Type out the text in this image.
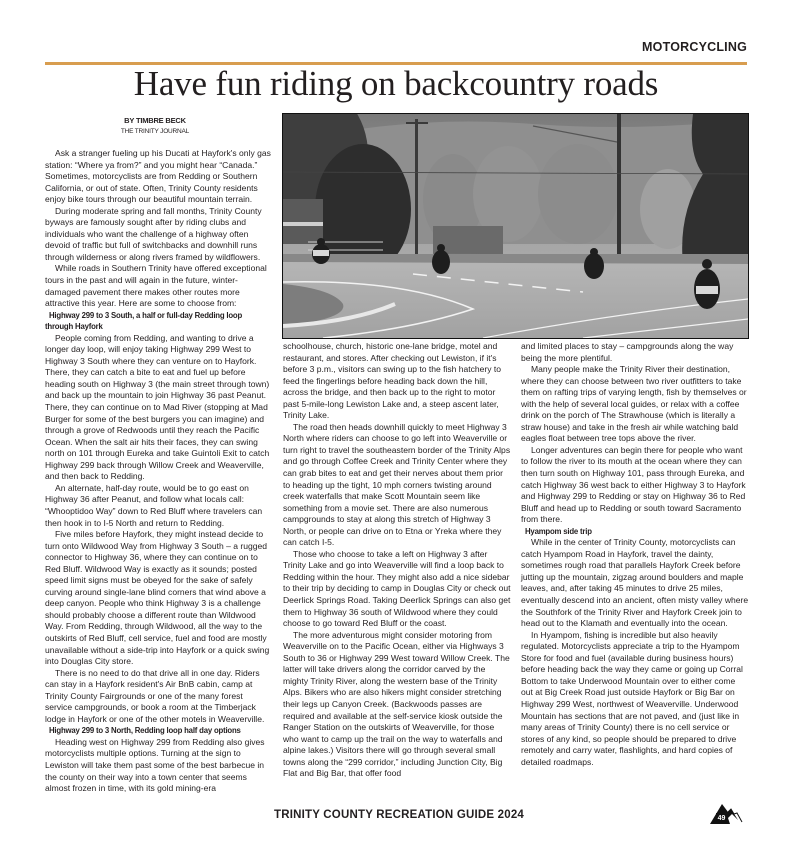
MOTORCYCLING
Have fun riding on backcountry roads
BY TIMBRE BECK
THE TRINITY JOURNAL

Ask a stranger fueling up his Ducati at Hayfork's only gas station: “Where ya from?” and you might hear “Canada.” Sometimes, motorcyclists are from Redding or Southern California, or out of state. Often, Trinity County residents enjoy bike tours through our beautiful mountain terrain.

During moderate spring and fall months, Trinity County byways are famously sought after by riding clubs and individuals who want the challenge of a highway often devoid of traffic but full of switchbacks and downhill runs through wilderness or along rivers framed by wildflowers.

While roads in Southern Trinity have offered exceptional tours in the past and will again in the future, winter-damaged pavement there makes other routes more attractive this year. Here are some to choose from:

Highway 299 to 3 South, a half or full-day Redding loop through Hayfork

People coming from Redding, and wanting to drive a longer day loop, will enjoy taking Highway 299 West to Highway 3 South where they can venture on to Hayfork. There, they can catch a bite to eat and fuel up before heading south on Highway 3 (the main street through town) and back up the mountain to join Highway 36 past Peanut. There, they can continue on to Mad River (stopping at Mad Burger for some of the best burgers you can imagine) and through a grove of Redwoods until they reach the Pacific Ocean. When the salt air hits their faces, they can swing north on 101 through Eureka and take Guintoli Exit to catch Highway 299 back through Willow Creek and Weaverville, and then back to Redding.

An alternate, half-day route, would be to go east on Highway 36 after Peanut, and follow what locals call: “Whooptidoo Way” down to Red Bluff where travelers can then hook in to I-5 North and return to Redding.

Five miles before Hayfork, they might instead decide to turn onto Wildwood Way from Highway 3 South – a rugged connector to Highway 36, where they can continue on to Red Bluff. Wildwood Way is exactly as it sounds; posted speed limit signs must be obeyed for the sake of safely curving around single-lane blind corners that wind above a deep canyon. People who think Highway 3 is a challenge should probably choose a different route than Wildwood Way. From Redding, through Wildwood, all the way to the outskirts of Red Bluff, cell service, fuel and food are mostly unavailable without a side-trip into Hayfork or a quick swing into Douglas City store.

There is no need to do that drive all in one day. Riders can stay in a Hayfork resident's Air BnB cabin, camp at Trinity County Fairgrounds or one of the many forest service campgrounds, or book a room at the Timberjack lodge in Hayfork or one of the other motels in Weaverville.

Highway 299 to 3 North, Redding loop half day options

Heading west on Highway 299 from Redding also gives motorcyclists multiple options. Turning at the sign to Lewiston will take them past some of the best barbecue in the county on their way into a town center that seems almost frozen in time, with its gold mining-era

schoolhouse, church, historic one-lane bridge, motel and restaurant, and stores. After checking out Lewiston, if it's before 3 p.m., visitors can swing up to the fish hatchery to feed the fingerlings before heading back down the hill, across the bridge, and then back up to the right to motor past 5-mile-long Lewiston Lake and, a steep ascent later, Trinity Lake.

The road then heads downhill quickly to meet Highway 3 North where riders can choose to go left into Weaverville or turn right to travel the southeastern border of the Trinity Alps and go through Coffee Creek and Trinity Center where they can grab bites to eat and get their nerves about them prior to heading up the tight, 10 mph corners twisting around creek waterfalls that make Scott Mountain seem like something from a movie set. There are also numerous campgrounds to stay at along this stretch of Highway 3 North, or people can drive on to Etna or Yreka where they can catch I-5.

Those who choose to take a left on Highway 3 after Trinity Lake and go into Weaverville will find a loop back to Redding within the hour. They might also add a nice sidebar to their trip by deciding to camp in Douglas City or check out Deerlick Springs Road. Taking Deerlick Springs can also get them to Highway 36 south of Wildwood where they could choose to go toward Red Bluff or the coast.

The more adventurous might consider motoring from Weaverville on to the Pacific Ocean, either via Highways 3 South to 36 or Highway 299 West toward Willow Creek. The latter will take drivers along the corridor carved by the mighty Trinity River, along the western base of the Trinity Alps. Bikers who are also hikers might consider stretching their legs up Canyon Creek. (Backwoods passes are required and available at the self-service kiosk outside the Ranger Station on the outskirts of Weaverville, for those who want to camp up the trail on the way to waterfalls and alpine lakes.) Visitors there will go through several small towns along the “299 corridor,” including Junction City, Big Flat and Big Bar, that offer food

and limited places to stay – campgrounds along the way being the more plentiful.

Many people make the Trinity River their destination, where they can choose between two river outfitters to take them on rafting trips of varying length, fish by themselves or with the help of several local guides, or relax with a coffee drink on the porch of The Strawhouse (which is literally a straw house) and take in the fresh air while watching bald eagles float between tree tops above the river.

Longer adventures can begin there for people who want to follow the river to its mouth at the ocean where they can then turn south on Highway 101, pass through Eureka, and catch Highway 36 west back to either Highway 3 to Hayfork and Highway 299 to Redding or stay on Highway 36 to Red Bluff and head up to Redding or south toward Sacramento from there.

Hyampom side trip

While in the center of Trinity County, motorcyclists can catch Hyampom Road in Hayfork, travel the dainty, sometimes rough road that parallels Hayfork Creek before jutting up the mountain, zigzag around boulders and maple leaves, and, after taking 45 minutes to drive 25 miles, eventually descend into an ancient, often misty valley where the Southfork of the Trinity River and Hayfork Creek join to head out to the Klamath and eventually into the ocean.

In Hyampom, fishing is incredible but also heavily regulated. Motorcyclists appreciate a trip to the Hyampom Store for food and fuel (available during business hours) before heading back the way they came or going up Corral Bottom to take Underwood Mountain over to either come out at Big Creek Road just outside Hayfork or Big Bar on Highway 299 West, northwest of Weaverville. Underwood Mountain has sections that are not paved, and (just like in many areas of Trinity County) there is no cell service or stores of any kind, so people should be prepared to drive remotely and carry water, flashlights, and hard copies of detailed roadmaps.

TRINITY COUNTY RECREATION GUIDE 2024	49
